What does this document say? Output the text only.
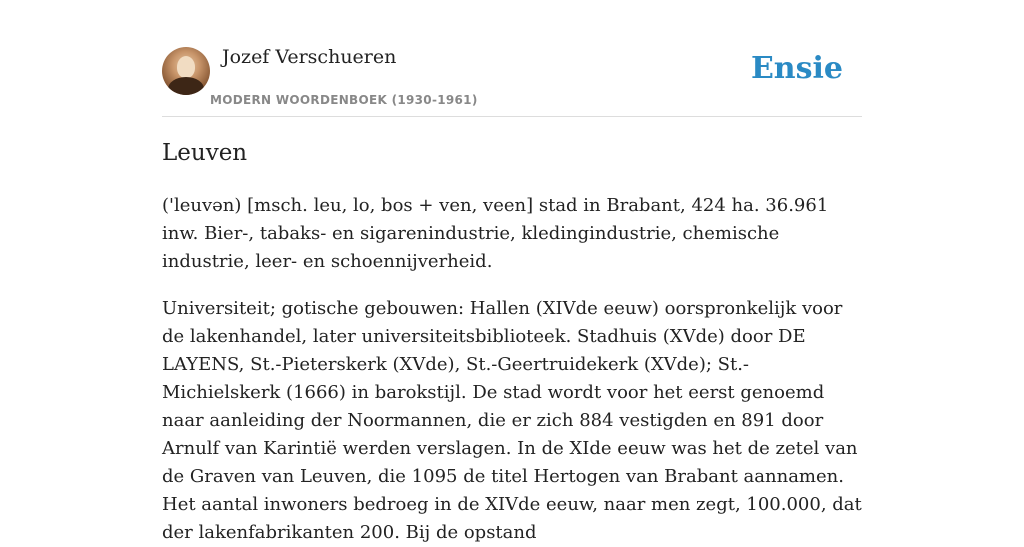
Jozef Verschueren
MODERN WOORDENBOEK (1930-1961)
Ensie
Leuven

('leuvən) [msch. leu, lo, bos + ven, veen] stad in Brabant, 424 ha. 36.961 inw. Bier-, tabaks- en sigarenindustrie, kledingindustrie, chemische industrie, leer- en schoennijverheid.

Universiteit; gotische gebouwen: Hallen (XIVde eeuw) oorspronkelijk voor de lakenhandel, later universiteitsbiblioteek. Stadhuis (XVde) door DE LAYENS, St.-Pieterskerk (XVde), St.-Geertruidekerk (XVde); St.-Michielskerk (1666) in barokstijl. De stad wordt voor het eerst genoemd naar aanleiding der Noormannen, die er zich 884 vestigden en 891 door Arnulf van Karintië werden verslagen. In de XIde eeuw was het de zetel van de Graven van Leuven, die 1095 de titel Hertogen van Brabant aannamen. Het aantal inwoners bedroeg in de XIVde eeuw, naar men zegt, 100.000, dat der lakenfabrikanten 200. Bij de opstand
